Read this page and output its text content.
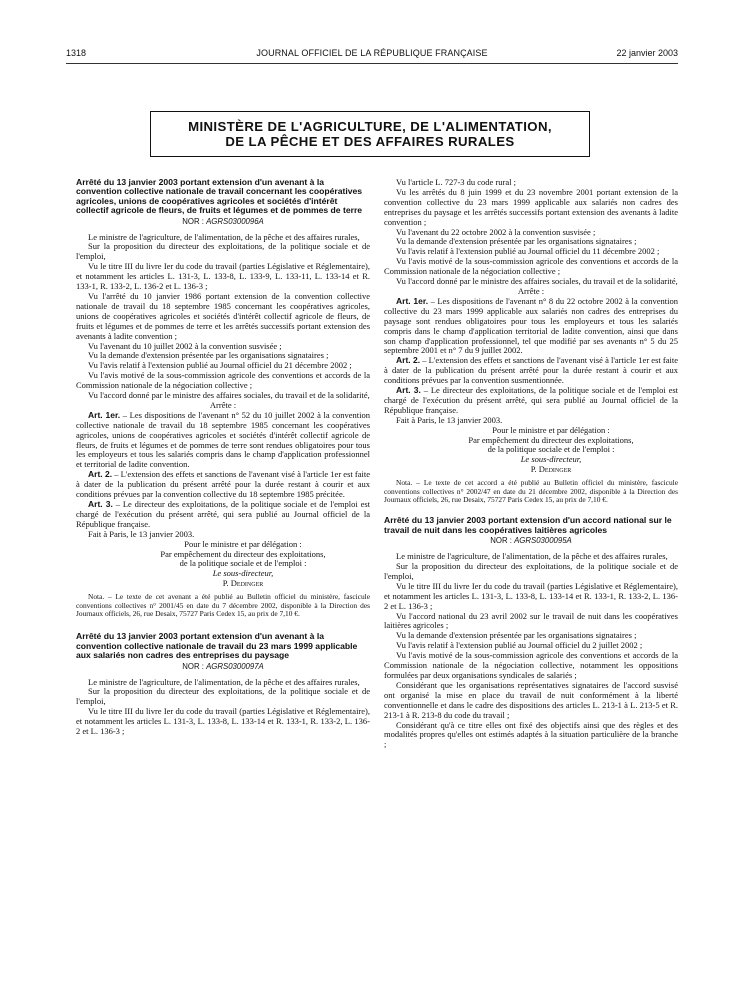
1318	JOURNAL OFFICIEL DE LA RÉPUBLIQUE FRANÇAISE	22 janvier 2003
MINISTÈRE DE L'AGRICULTURE, DE L'ALIMENTATION,
DE LA PÊCHE ET DES AFFAIRES RURALES

Arrêté du 13 janvier 2003 portant extension d'un avenant à la convention collective nationale de travail concernant les coopératives agricoles, unions de coopératives agricoles et sociétés d'intérêt collectif agricole de fleurs, de fruits et légumes et de pommes de terre

NOR : AGRS0300096A

Le ministre de l'agriculture, de l'alimentation, de la pêche et des affaires rurales,

Sur la proposition du directeur des exploitations, de la politique sociale et de l'emploi,

Vu le titre III du livre Ier du code du travail (parties Législative et Réglementaire), et notamment les articles L. 131-3, L. 133-8, L. 133-9, L. 133-11, L. 133-14 et R. 133-1, R. 133-2, L. 136-2 et L. 136-3 ;

Vu l'arrêté du 10 janvier 1986 portant extension de la convention collective nationale de travail du 18 septembre 1985 concernant les coopératives agricoles, unions de coopératives agricoles et sociétés d'intérêt collectif agricole de fleurs, de fruits et légumes et de pommes de terre et les arrêtés successifs portant extension des avenants à ladite convention ;

Vu l'avenant du 10 juillet 2002 à la convention susvisée ;

Vu la demande d'extension présentée par les organisations signataires ;

Vu l'avis relatif à l'extension publié au Journal officiel du 21 décembre 2002 ;

Vu l'avis motivé de la sous-commission agricole des conventions et accords de la Commission nationale de la négociation collective ;

Vu l'accord donné par le ministre des affaires sociales, du travail et de la solidarité,

Arrête :

Art. 1er. – Les dispositions de l'avenant n° 52 du 10 juillet 2002 à la convention collective nationale de travail du 18 septembre 1985 concernant les coopératives agricoles, unions de coopératives agricoles et sociétés d'intérêt collectif agricole de fleurs, de fruits et légumes et de pommes de terre sont rendues obligatoires pour tous les employeurs et tous les salariés compris dans le champ d'application professionnel et territorial de ladite convention.

Art. 2. – L'extension des effets et sanctions de l'avenant visé à l'article 1er est faite à dater de la publication du présent arrêté pour la durée restant à courir et aux conditions prévues par la convention collective du 18 septembre 1985 précitée.

Art. 3. – Le directeur des exploitations, de la politique sociale et de l'emploi est chargé de l'exécution du présent arrêté, qui sera publié au Journal officiel de la République française.

Fait à Paris, le 13 janvier 2003.

Pour le ministre et par délégation :
Par empêchement du directeur des exploitations,
de la politique sociale et de l'emploi :
Le sous-directeur,
P. Dedinger

Nota. – Le texte de cet avenant a été publié au Bulletin officiel du ministère, fascicule conventions collectives n° 2001/45 en date du 7 décembre 2002, disponible à la Direction des Journaux officiels, 26, rue Desaix, 75727 Paris Cedex 15, au prix de 7,10 €.

Arrêté du 13 janvier 2003 portant extension d'un avenant à la convention collective nationale de travail du 23 mars 1999 applicable aux salariés non cadres des entreprises du paysage

NOR : AGRS0300097A

Le ministre de l'agriculture, de l'alimentation, de la pêche et des affaires rurales,

Sur la proposition du directeur des exploitations, de la politique sociale et de l'emploi,

Vu le titre III du livre Ier du code du travail (parties Législative et Réglementaire), et notamment les articles L. 131-3, L. 133-8, L. 133-14 et R. 133-1, R. 133-2, L. 136-2 et L. 136-3 ;

Vu l'article L. 727-3 du code rural ;

Vu les arrêtés du 8 juin 1999 et du 23 novembre 2001 portant extension de la convention collective du 23 mars 1999 applicable aux salariés non cadres des entreprises du paysage et les arrêtés successifs portant extension des avenants à ladite convention ;

Vu l'avenant du 22 octobre 2002 à la convention susvisée ;

Vu la demande d'extension présentée par les organisations signataires ;

Vu l'avis relatif à l'extension publié au Journal officiel du 11 décembre 2002 ;

Vu l'avis motivé de la sous-commission agricole des conventions et accords de la Commission nationale de la négociation collective ;

Vu l'accord donné par le ministre des affaires sociales, du travail et de la solidarité,

Arrête :

Art. 1er. – Les dispositions de l'avenant n° 8 du 22 octobre 2002 à la convention collective du 23 mars 1999 applicable aux salariés non cadres des entreprises du paysage sont rendues obligatoires pour tous les employeurs et tous les salariés compris dans le champ d'application territorial de ladite convention, ainsi que dans son champ d'application professionnel, tel que modifié par ses avenants n° 5 du 25 septembre 2001 et n° 7 du 9 juillet 2002.

Art. 2. – L'extension des effets et sanctions de l'avenant visé à l'article 1er est faite à dater de la publication du présent arrêté pour la durée restant à courir et aux conditions prévues par la convention susmentionnée.

Art. 3. – Le directeur des exploitations, de la politique sociale et de l'emploi est chargé de l'exécution du présent arrêté, qui sera publié au Journal officiel de la République française.

Fait à Paris, le 13 janvier 2003.

Pour le ministre et par délégation :
Par empêchement du directeur des exploitations,
de la politique sociale et de l'emploi :
Le sous-directeur,
P. Dedinger

Nota. – Le texte de cet accord a été publié au Bulletin officiel du ministère, fascicule conventions collectives n° 2002/47 en date du 21 décembre 2002, disponible à la Direction des Journaux officiels, 26, rue Desaix, 75727 Paris Cedex 15, au prix de 7,10 €.

Arrêté du 13 janvier 2003 portant extension d'un accord national sur le travail de nuit dans les coopératives laitières agricoles

NOR : AGRS0300095A

Le ministre de l'agriculture, de l'alimentation, de la pêche et des affaires rurales,

Sur la proposition du directeur des exploitations, de la politique sociale et de l'emploi,

Vu le titre III du livre Ier du code du travail (parties Législative et Réglementaire), et notamment les articles L. 131-3, L. 133-8, L. 133-14 et R. 133-1, R. 133-2, L. 136-2 et L. 136-3 ;

Vu l'accord national du 23 avril 2002 sur le travail de nuit dans les coopératives laitières agricoles ;

Vu la demande d'extension présentée par les organisations signataires ;

Vu l'avis relatif à l'extension publié au Journal officiel du 2 juillet 2002 ;

Vu l'avis motivé de la sous-commission agricole des conventions et accords de la Commission nationale de la négociation collective, notamment les oppositions formulées par deux organisations syndicales de salariés ;

Considérant que les organisations représentatives signataires de l'accord susvisé ont organisé la mise en place du travail de nuit conformément à la liberté conventionnelle et dans le cadre des dispositions des articles L. 213-1 à L. 213-5 et R. 213-1 à R. 213-8 du code du travail ;

Considérant qu'à ce titre elles ont fixé des objectifs ainsi que des règles et des modalités propres qu'elles ont estimés adaptés à la situation particulière de la branche ;
